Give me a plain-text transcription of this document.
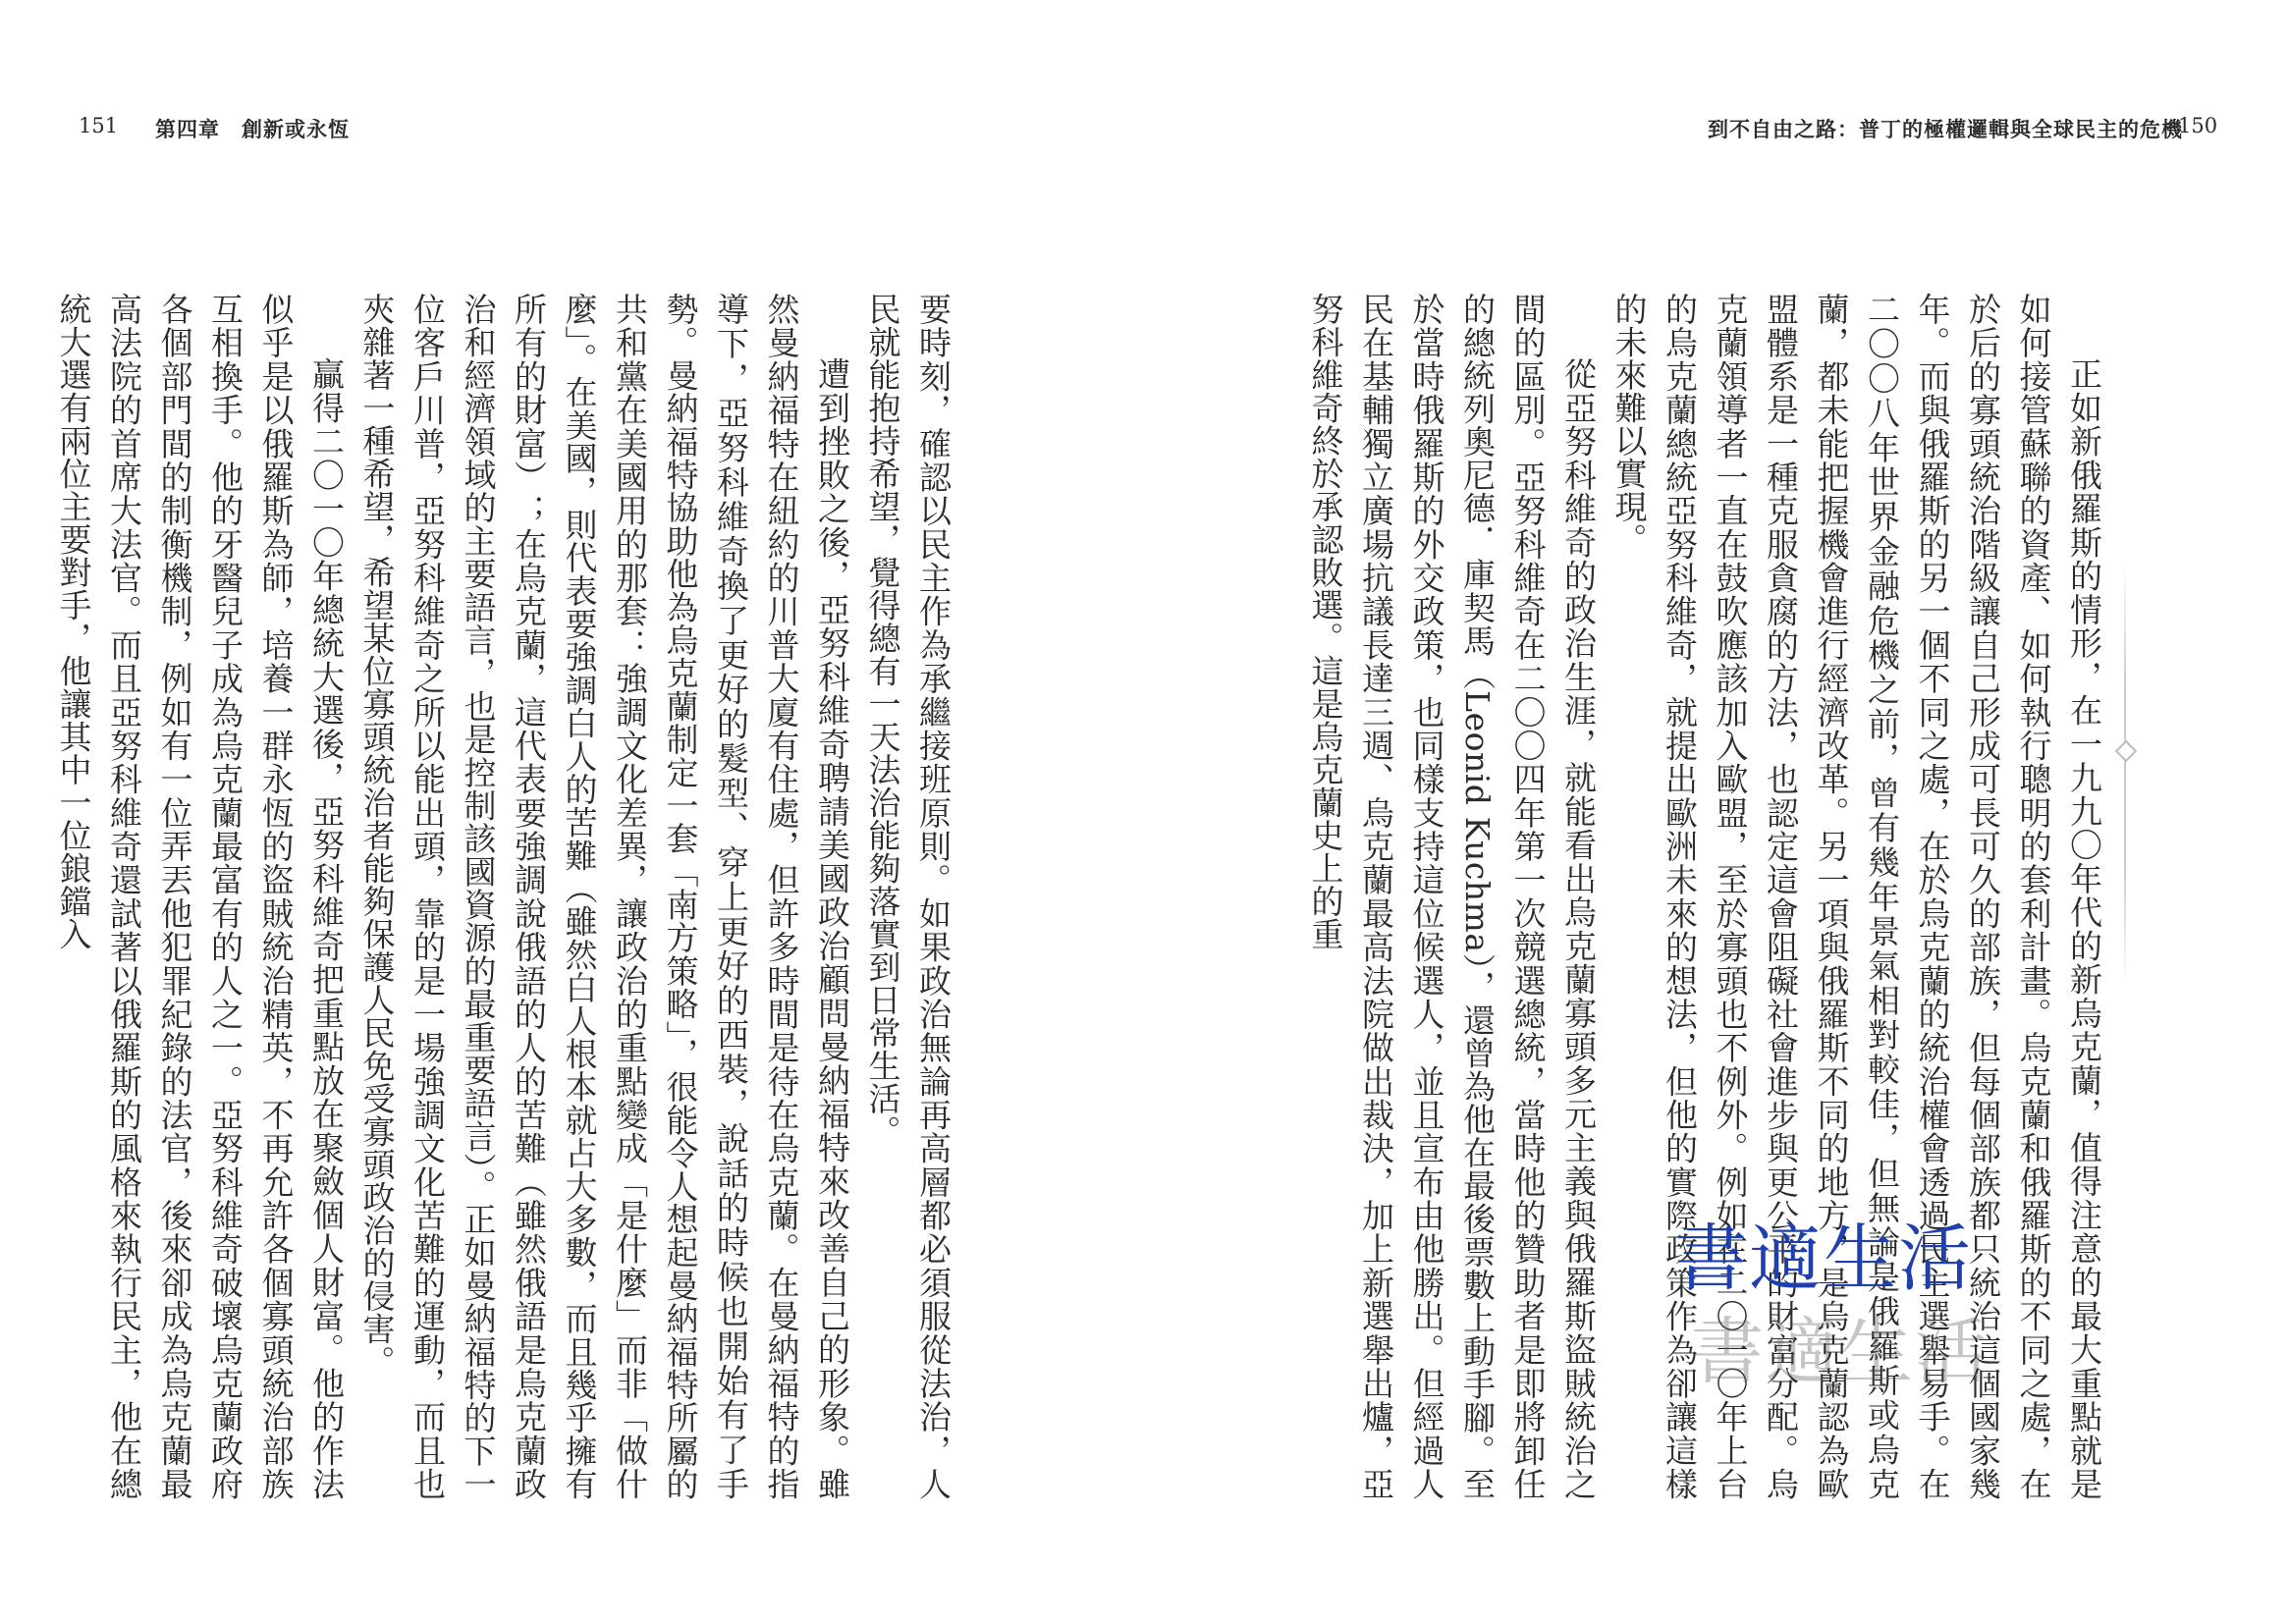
151 第四章　創新或永恆	到不自由之路：普丁的極權邏輯與全球民主的危機
150

正如新俄羅斯的情形，在一九九〇年代的新烏克蘭，值得注意的最大重點就是如何接管蘇聯的資產、如何執行聰明的套利計畫。烏克蘭和俄羅斯的不同之處，在於后的寡頭統治階級讓自己形成可長可久的部族，但每個部族都只統治這個國家幾年。而與俄羅斯的另一個不同之處，在於烏克蘭的統治權會透過民主選舉易手。在二〇〇八年世界金融危機之前，曾有幾年景氣相對較佳，但無論是俄羅斯或烏克蘭，都未能把握機會進行經濟改革。另一項與俄羅斯不同的地方，是烏克蘭認為歐盟體系是一種克服貪腐的方法，也認定這會阻礙社會進步與更公平的財富分配。烏克蘭領導者一直在鼓吹應該加入歐盟，至於寡頭也不例外。例如在二〇一〇年上台的烏克蘭總統亞努科維奇，就提出歐洲未來的想法，但他的實際政策作為卻讓這樣的未來難以實現。

從亞努科維奇的政治生涯，就能看出烏克蘭寡頭多元主義與俄羅斯盜賊統治之間的區別。亞努科維奇在二〇〇四年第一次競選總統，當時他的贊助者是即將卸任的總統列奧尼德．庫契馬（Leonid Kuchma），還曾為他在最後票數上動手腳。至於當時俄羅斯的外交政策，也同樣支持這位候選人，並且宣布由他勝出。但經過人民在基輔獨立廣場抗議長達三週、烏克蘭最高法院做出裁決，加上新選舉出爐，亞努科維奇終於承認敗選。這是烏克蘭史上的重

要時刻，確認以民主作為承繼接班原則。如果政治無論再高層都必須服從法治，人民就能抱持希望，覺得總有一天法治能夠落實到日常生活。

遭到挫敗之後，亞努科維奇聘請美國政治顧問曼納福特來改善自己的形象。雖然曼納福特在紐約的川普大廈有住處，但許多時間是待在烏克蘭。在曼納福特的指導下，亞努科維奇換了更好的髮型、穿上更好的西裝，說話的時候也開始有了手勢。曼納福特協助他為烏克蘭制定一套「南方策略」，很能令人想起曼納福特所屬的共和黨在美國用的那套：強調文化差異，讓政治的重點變成「是什麼」而非「做什麼」。在美國，則代表要強調白人的苦難（雖然白人根本就占大多數，而且幾乎擁有所有的財富）；在烏克蘭，這代表要強調說俄語的人的苦難（雖然俄語是烏克蘭政治和經濟領域的主要語言，也是控制該國資源的最重要語言）。正如曼納福特的下一位客戶川普，亞努科維奇之所以能出頭，靠的是一場強調文化苦難的運動，而且也夾雜著一種希望，希望某位寡頭統治者能夠保護人民免受寡頭政治的侵害。

贏得二〇一〇年總統大選後，亞努科維奇把重點放在聚斂個人財富。他的作法似乎是以俄羅斯為師，培養一群永恆的盜賊統治精英，不再允許各個寡頭統治部族互相換手。他的牙醫兒子成為烏克蘭最富有的人之一。亞努科維奇破壞烏克蘭政府各個部門間的制衡機制，例如有一位弄丟他犯罪紀錄的法官，後來卻成為烏克蘭最高法院的首席大法官。而且亞努科維奇還試著以俄羅斯的風格來執行民主，他在總統大選有兩位主要對手，他讓其中一位鋃鐺入

書適生活
書適生活
